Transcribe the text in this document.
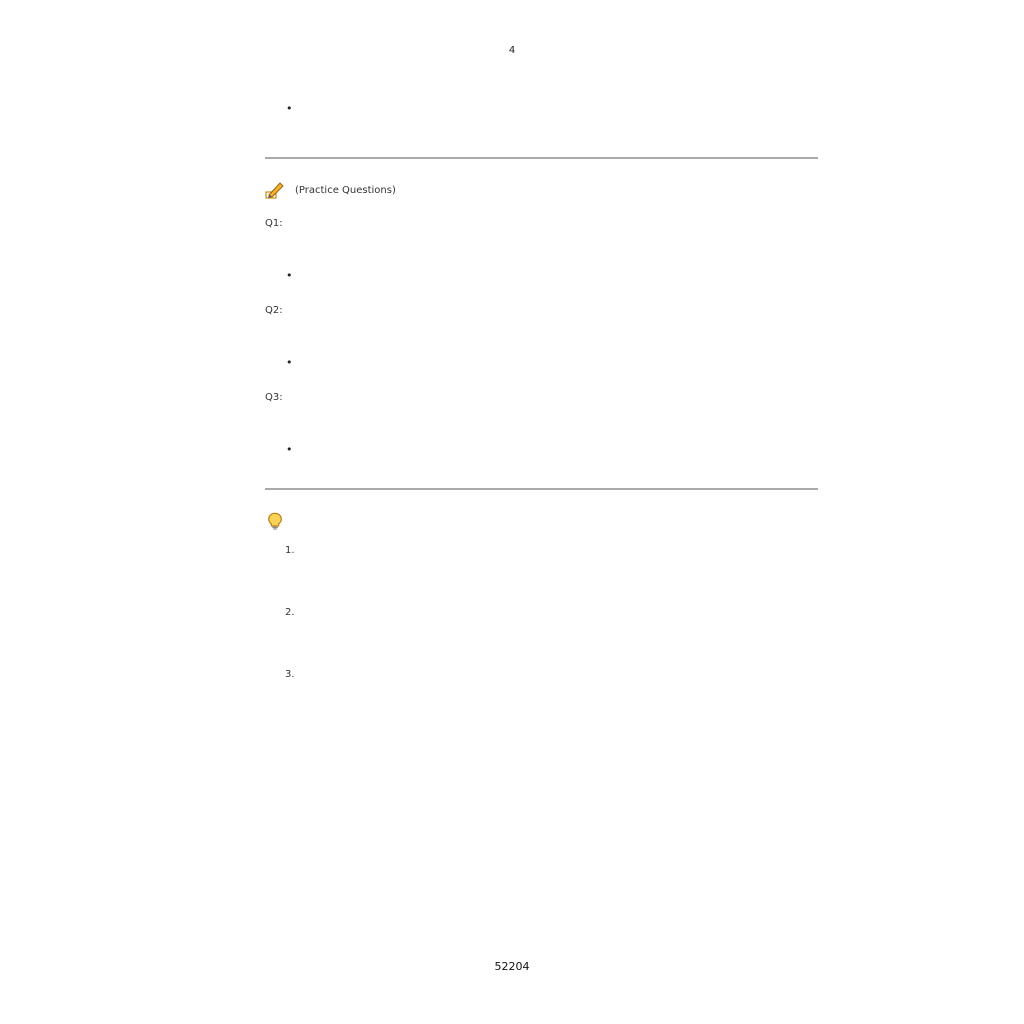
4
•
(Practice Questions)
Q1:
•
Q2:
•
Q3:
•
1.
2.
3.
52204
